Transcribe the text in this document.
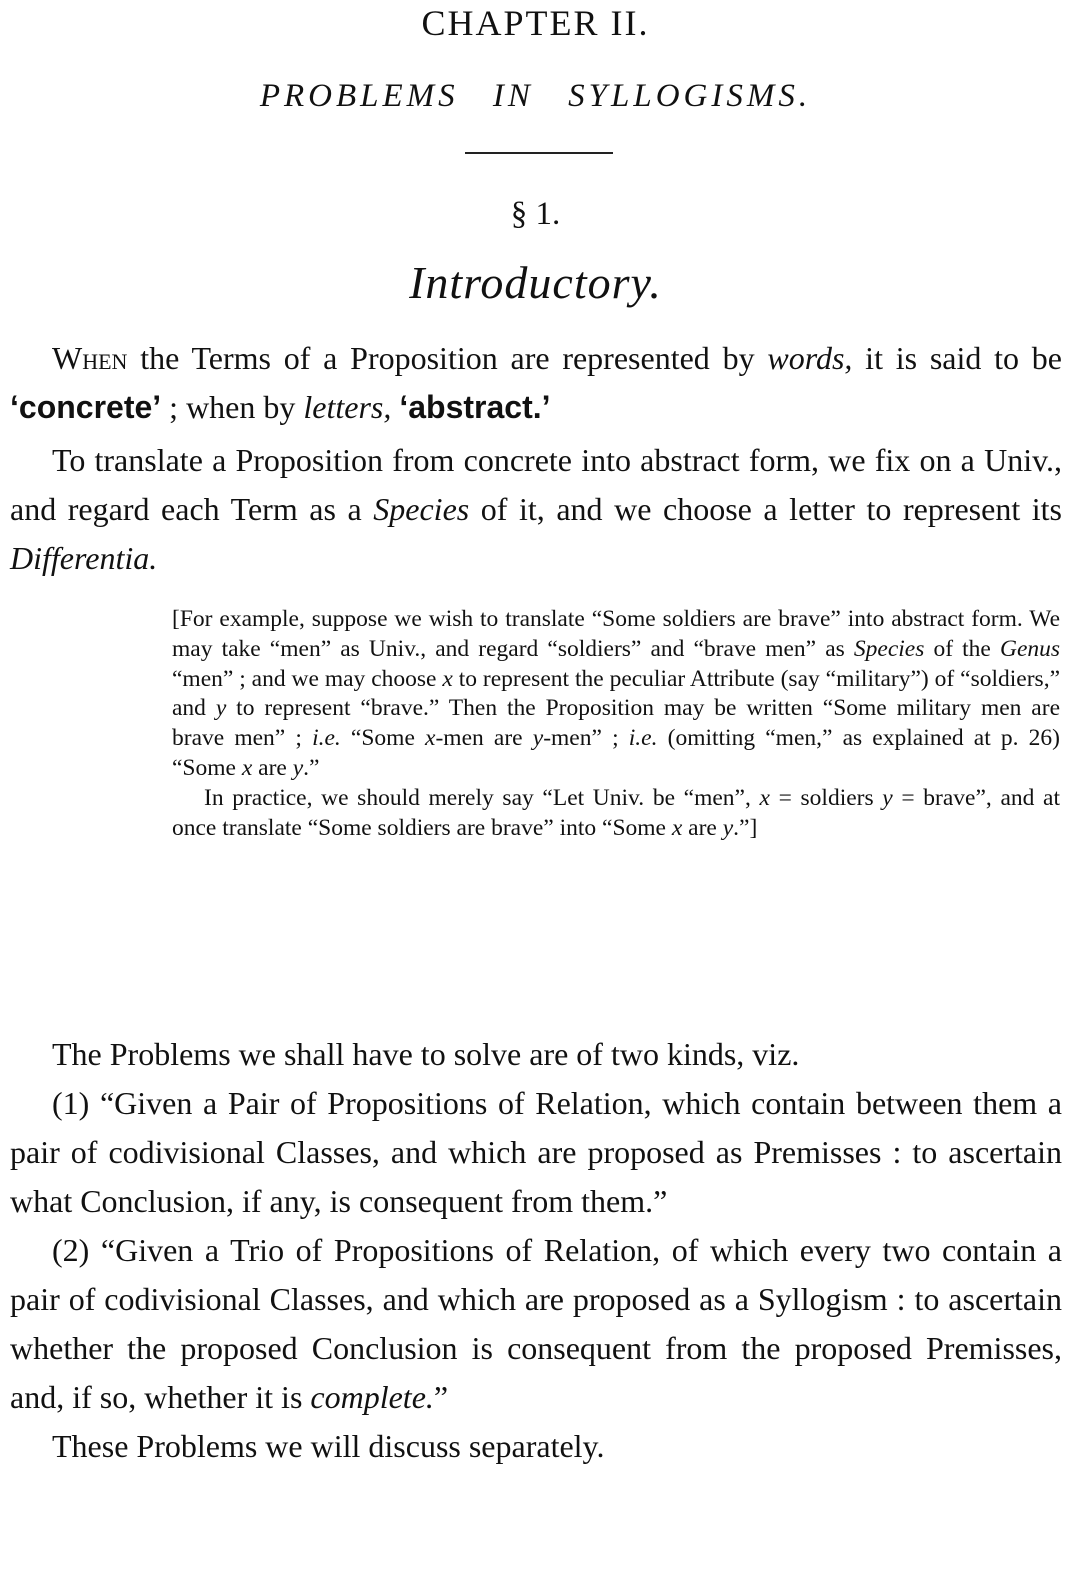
CHAPTER II.
PROBLEMS IN SYLLOGISMS.
§ 1.
Introductory.
When the Terms of a Proposition are represented by words, it is said to be ‘concrete’ ; when by letters, ‘abstract.’
To translate a Proposition from concrete into abstract form, we fix on a Univ., and regard each Term as a Species of it, and we choose a letter to represent its Differentia.

[For example, suppose we wish to translate “Some soldiers are brave” into abstract form. We may take “men” as Univ., and regard “soldiers” and “brave men” as Species of the Genus “men” ; and we may choose x to represent the peculiar Attribute (say “military”) of “soldiers,” and y to represent “brave.” Then the Proposition may be written “Some military men are brave men” ; i.e. “Some x-men are y-men” ; i.e. (omitting “men,” as explained at p. 26) “Some x are y.”

In practice, we should merely say “Let Univ. be “men”, x = soldiers y = brave”, and at once translate “Some soldiers are brave” into “Some x are y.”]

The Problems we shall have to solve are of two kinds, viz.

(1) “Given a Pair of Propositions of Relation, which contain between them a pair of codivisional Classes, and which are proposed as Premisses : to ascertain what Conclusion, if any, is consequent from them.”

(2) “Given a Trio of Propositions of Relation, of which every two contain a pair of codivisional Classes, and which are proposed as a Syllogism : to ascertain whether the proposed Conclusion is consequent from the proposed Premisses, and, if so, whether it is complete.”

These Problems we will discuss separately.
